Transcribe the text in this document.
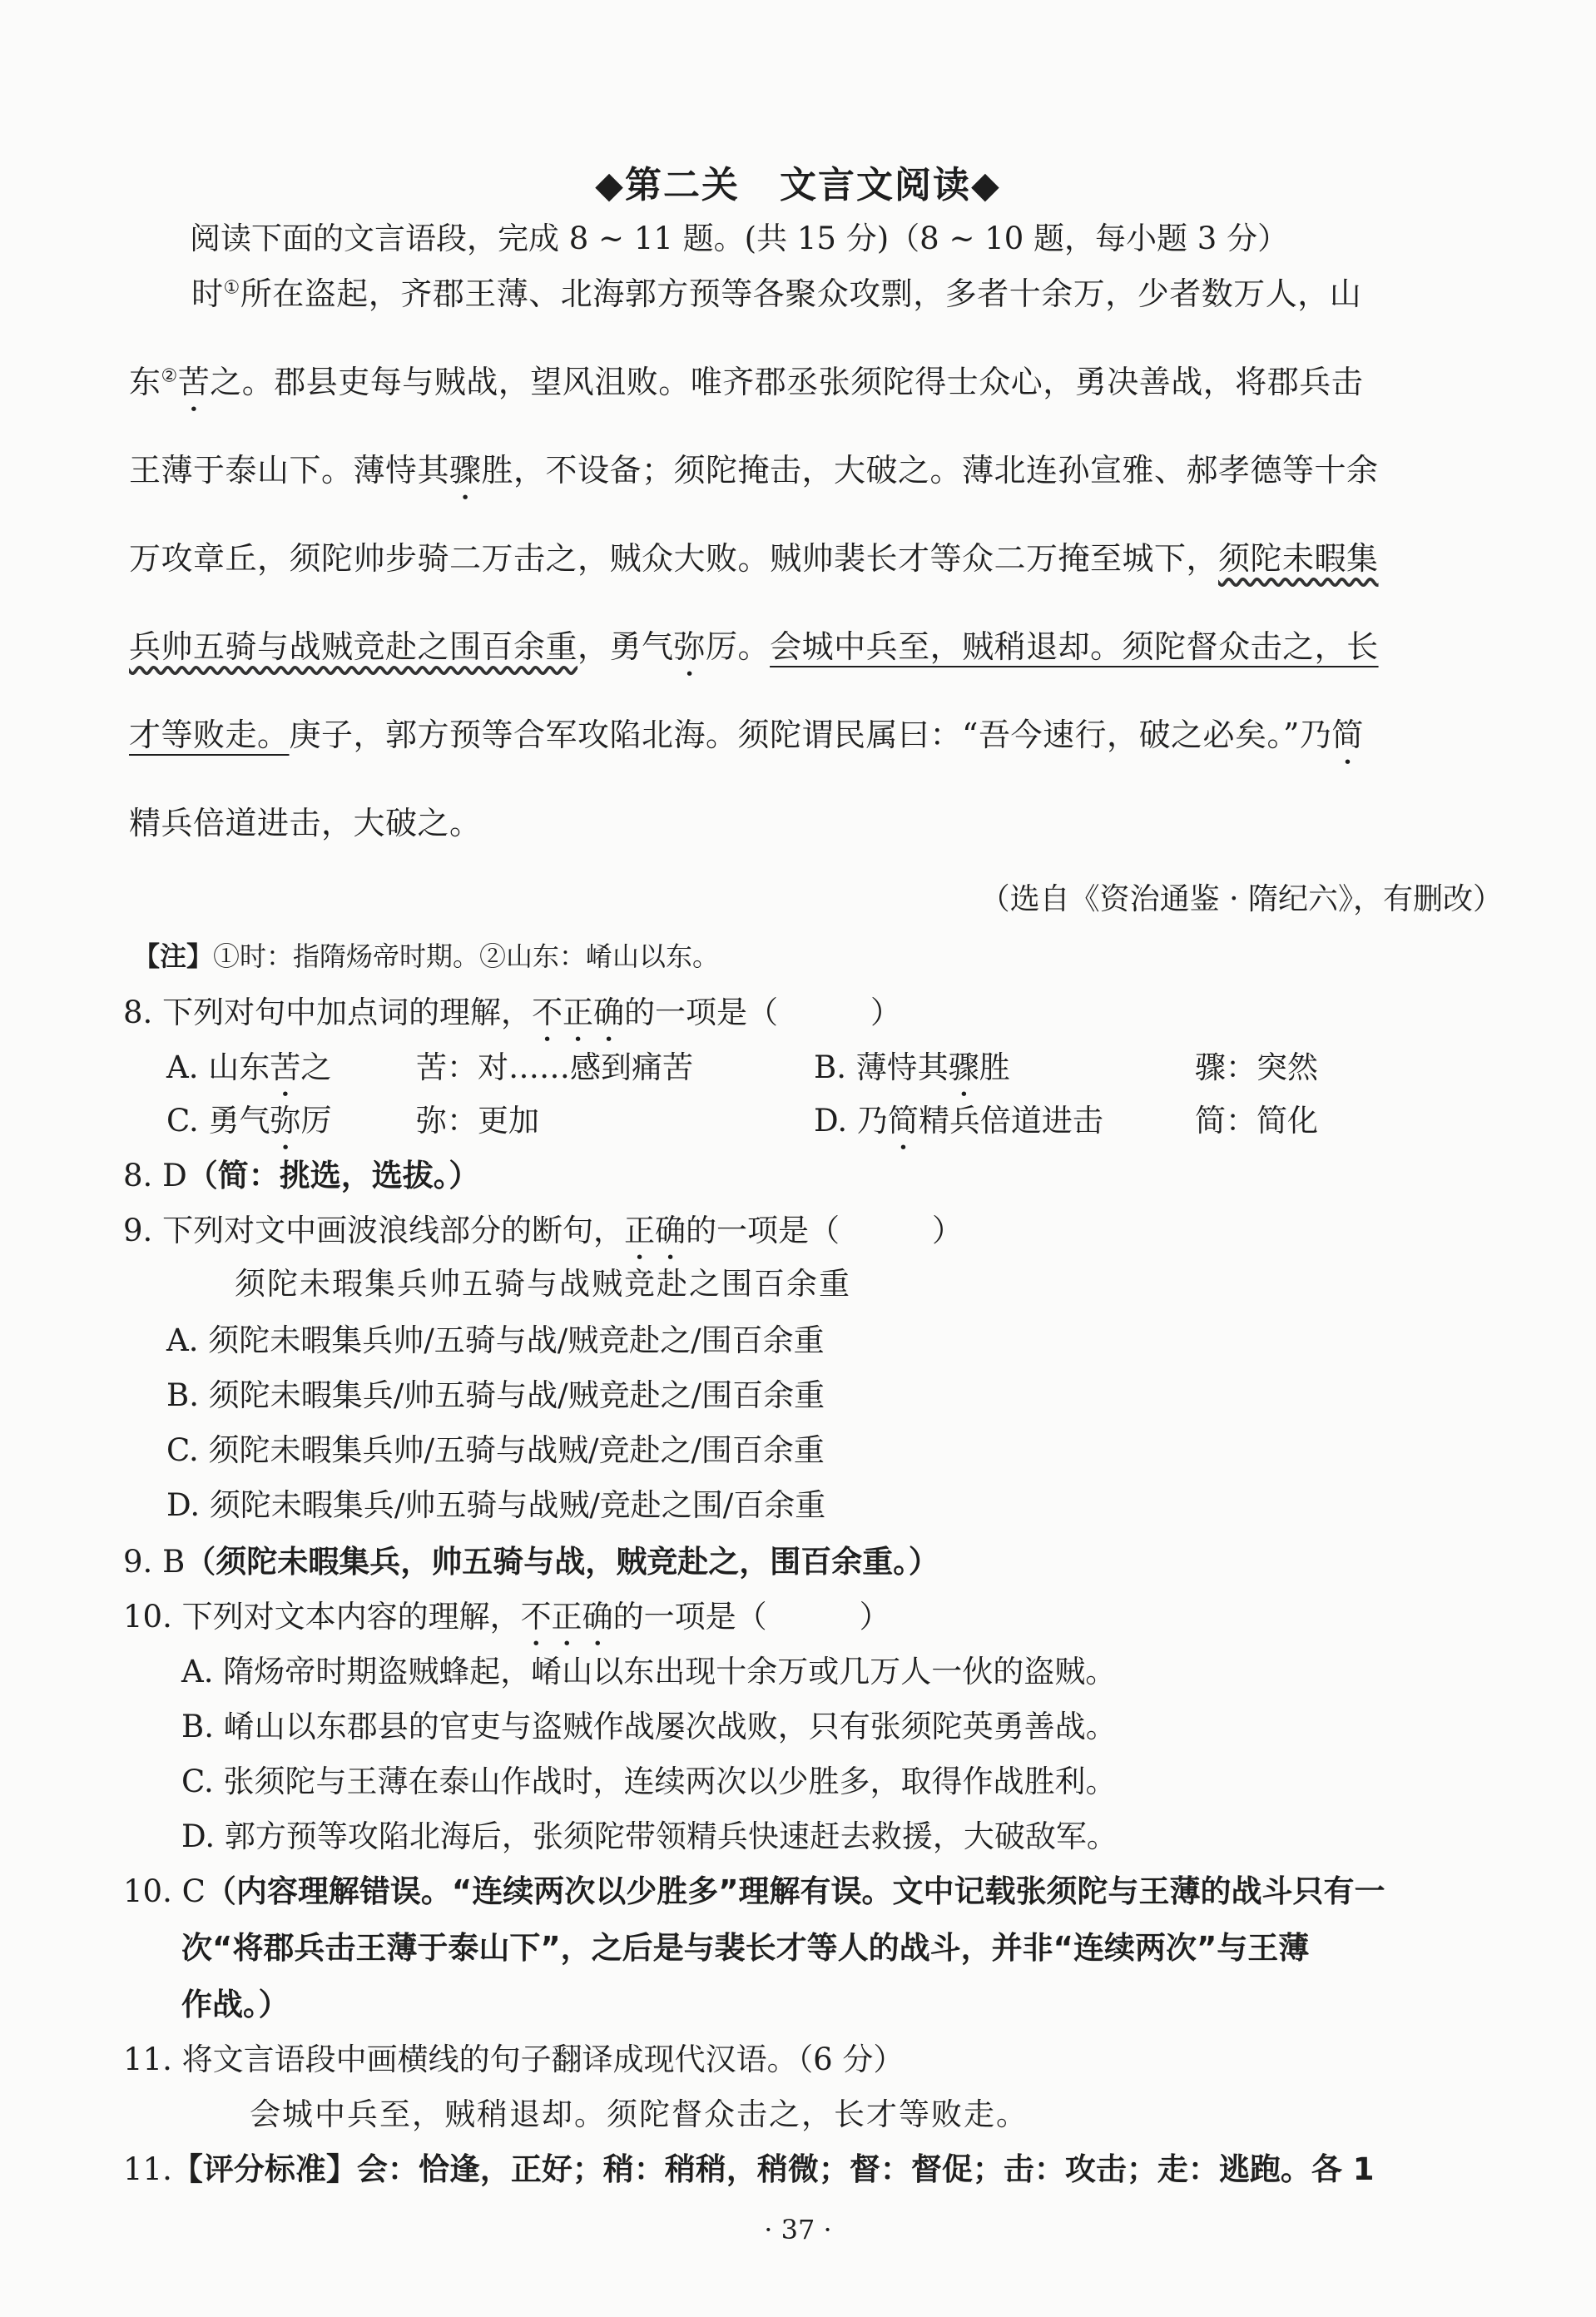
◆第二关 文言文阅读◆
阅读下面的文言语段，完成 8 ~ 11 题。(共 15 分)（8 ~ 10 题，每小题 3 分）
时①所在盗起，齐郡王薄、北海郭方预等各聚众攻剽，多者十余万，少者数万人，山
东②苦之。郡县吏每与贼战，望风沮败。唯齐郡丞张须陀得士众心，勇决善战，将郡兵击
王薄于泰山下。薄恃其骤胜，不设备；须陀掩击，大破之。薄北连孙宣雅、郝孝德等十余
万攻章丘，须陀帅步骑二万击之，贼众大败。贼帅裴长才等众二万掩至城下，须陀未暇集
兵帅五骑与战贼竞赴之围百余重，勇气弥厉。会城中兵至，贼稍退却。须陀督众击之，长
才等败走。庚子，郭方预等合军攻陷北海。须陀谓民属曰：“吾今速行，破之必矣。”乃简
精兵倍道进击，大破之。
（选自《资治通鉴 · 隋纪六》，有删改）
【注】①时：指隋炀帝时期。②山东：崤山以东。
8. 下列对句中加点词的理解，不正确的一项是（　　　）
A. 山东苦之	苦：对……感到痛苦	B. 薄恃其骤胜	骤：突然
C. 勇气弥厉	弥：更加	D. 乃简精兵倍道进击	简：简化
8. D（简：挑选，选拔。）
9. 下列对文中画波浪线部分的断句，正确的一项是（　　　）
须陀未瑕集兵帅五骑与战贼竞赴之围百余重
A. 须陀未暇集兵帅/五骑与战/贼竞赴之/围百余重
B. 须陀未暇集兵/帅五骑与战/贼竞赴之/围百余重
C. 须陀未暇集兵帅/五骑与战贼/竞赴之/围百余重
D. 须陀未暇集兵/帅五骑与战贼/竞赴之围/百余重
9. B（须陀未暇集兵，帅五骑与战，贼竞赴之，围百余重。）
10. 下列对文本内容的理解，不正确的一项是（　　　）
A. 隋炀帝时期盗贼蜂起，崤山以东出现十余万或几万人一伙的盗贼。
B. 崤山以东郡县的官吏与盗贼作战屡次战败，只有张须陀英勇善战。
C. 张须陀与王薄在泰山作战时，连续两次以少胜多，取得作战胜利。
D. 郭方预等攻陷北海后，张须陀带领精兵快速赶去救援，大破敌军。
10. C（内容理解错误。“连续两次以少胜多”理解有误。文中记载张须陀与王薄的战斗只有一
次“将郡兵击王薄于泰山下”，之后是与裴长才等人的战斗，并非“连续两次”与王薄
作战。）
11. 将文言语段中画横线的句子翻译成现代汉语。（6 分）
会城中兵至，贼稍退却。须陀督众击之，长才等败走。
11.【评分标准】会：恰逢，正好；稍：稍稍，稍微；督：督促；击：攻击；走：逃跑。各 1
· 37 ·
